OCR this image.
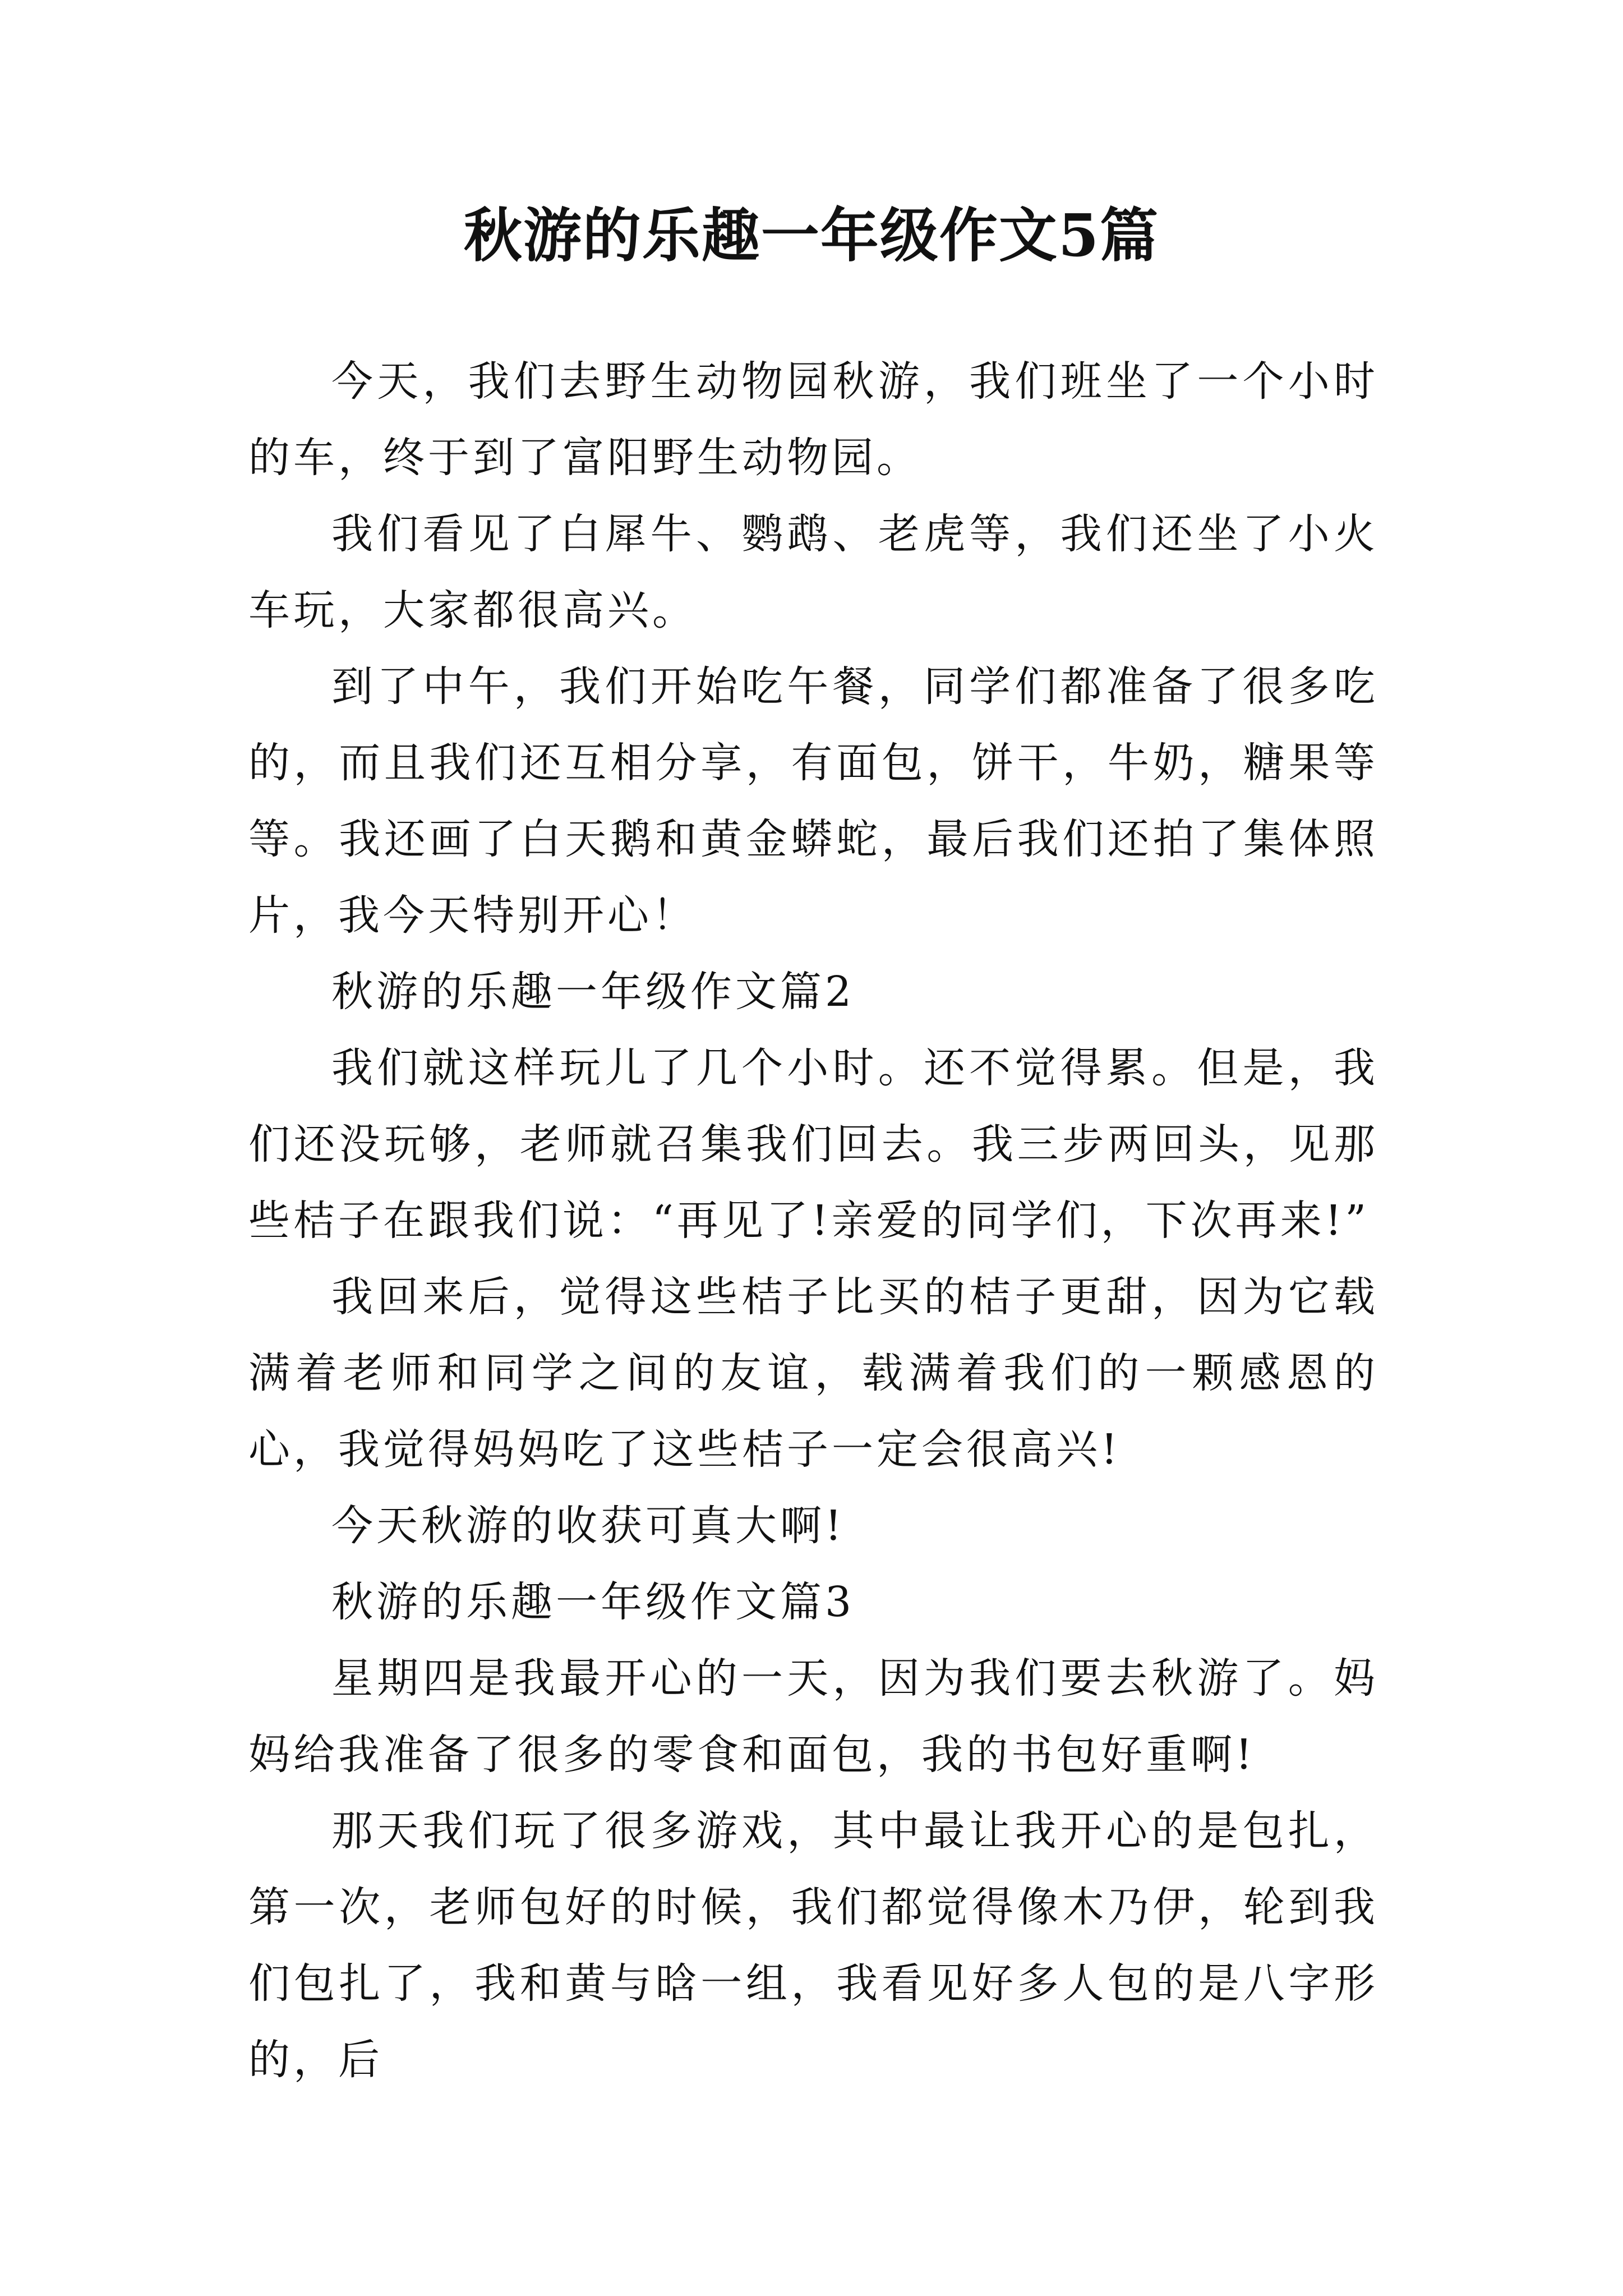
秋游的乐趣一年级作文5篇

今天，我们去野生动物园秋游，我们班坐了一个小时的车，终于到了富阳野生动物园。

我们看见了白犀牛、鹦鹉、老虎等，我们还坐了小火车玩，大家都很高兴。

到了中午，我们开始吃午餐，同学们都准备了很多吃的，而且我们还互相分享，有面包，饼干，牛奶，糖果等等。我还画了白天鹅和黄金蟒蛇，最后我们还拍了集体照片，我今天特别开心！

秋游的乐趣一年级作文篇2

我们就这样玩儿了几个小时。还不觉得累。但是，我们还没玩够，老师就召集我们回去。我三步两回头，见那些桔子在跟我们说：“再见了!亲爱的同学们，下次再来!”

我回来后，觉得这些桔子比买的桔子更甜，因为它载满着老师和同学之间的友谊，载满着我们的一颗感恩的心，我觉得妈妈吃了这些桔子一定会很高兴!

今天秋游的收获可真大啊!

秋游的乐趣一年级作文篇3

星期四是我最开心的一天，因为我们要去秋游了。妈妈给我准备了很多的零食和面包，我的书包好重啊!

那天我们玩了很多游戏，其中最让我开心的是包扎，第一次，老师包好的时候，我们都觉得像木乃伊，轮到我们包扎了，我和黄与晗一组，我看见好多人包的是八字形的，后
